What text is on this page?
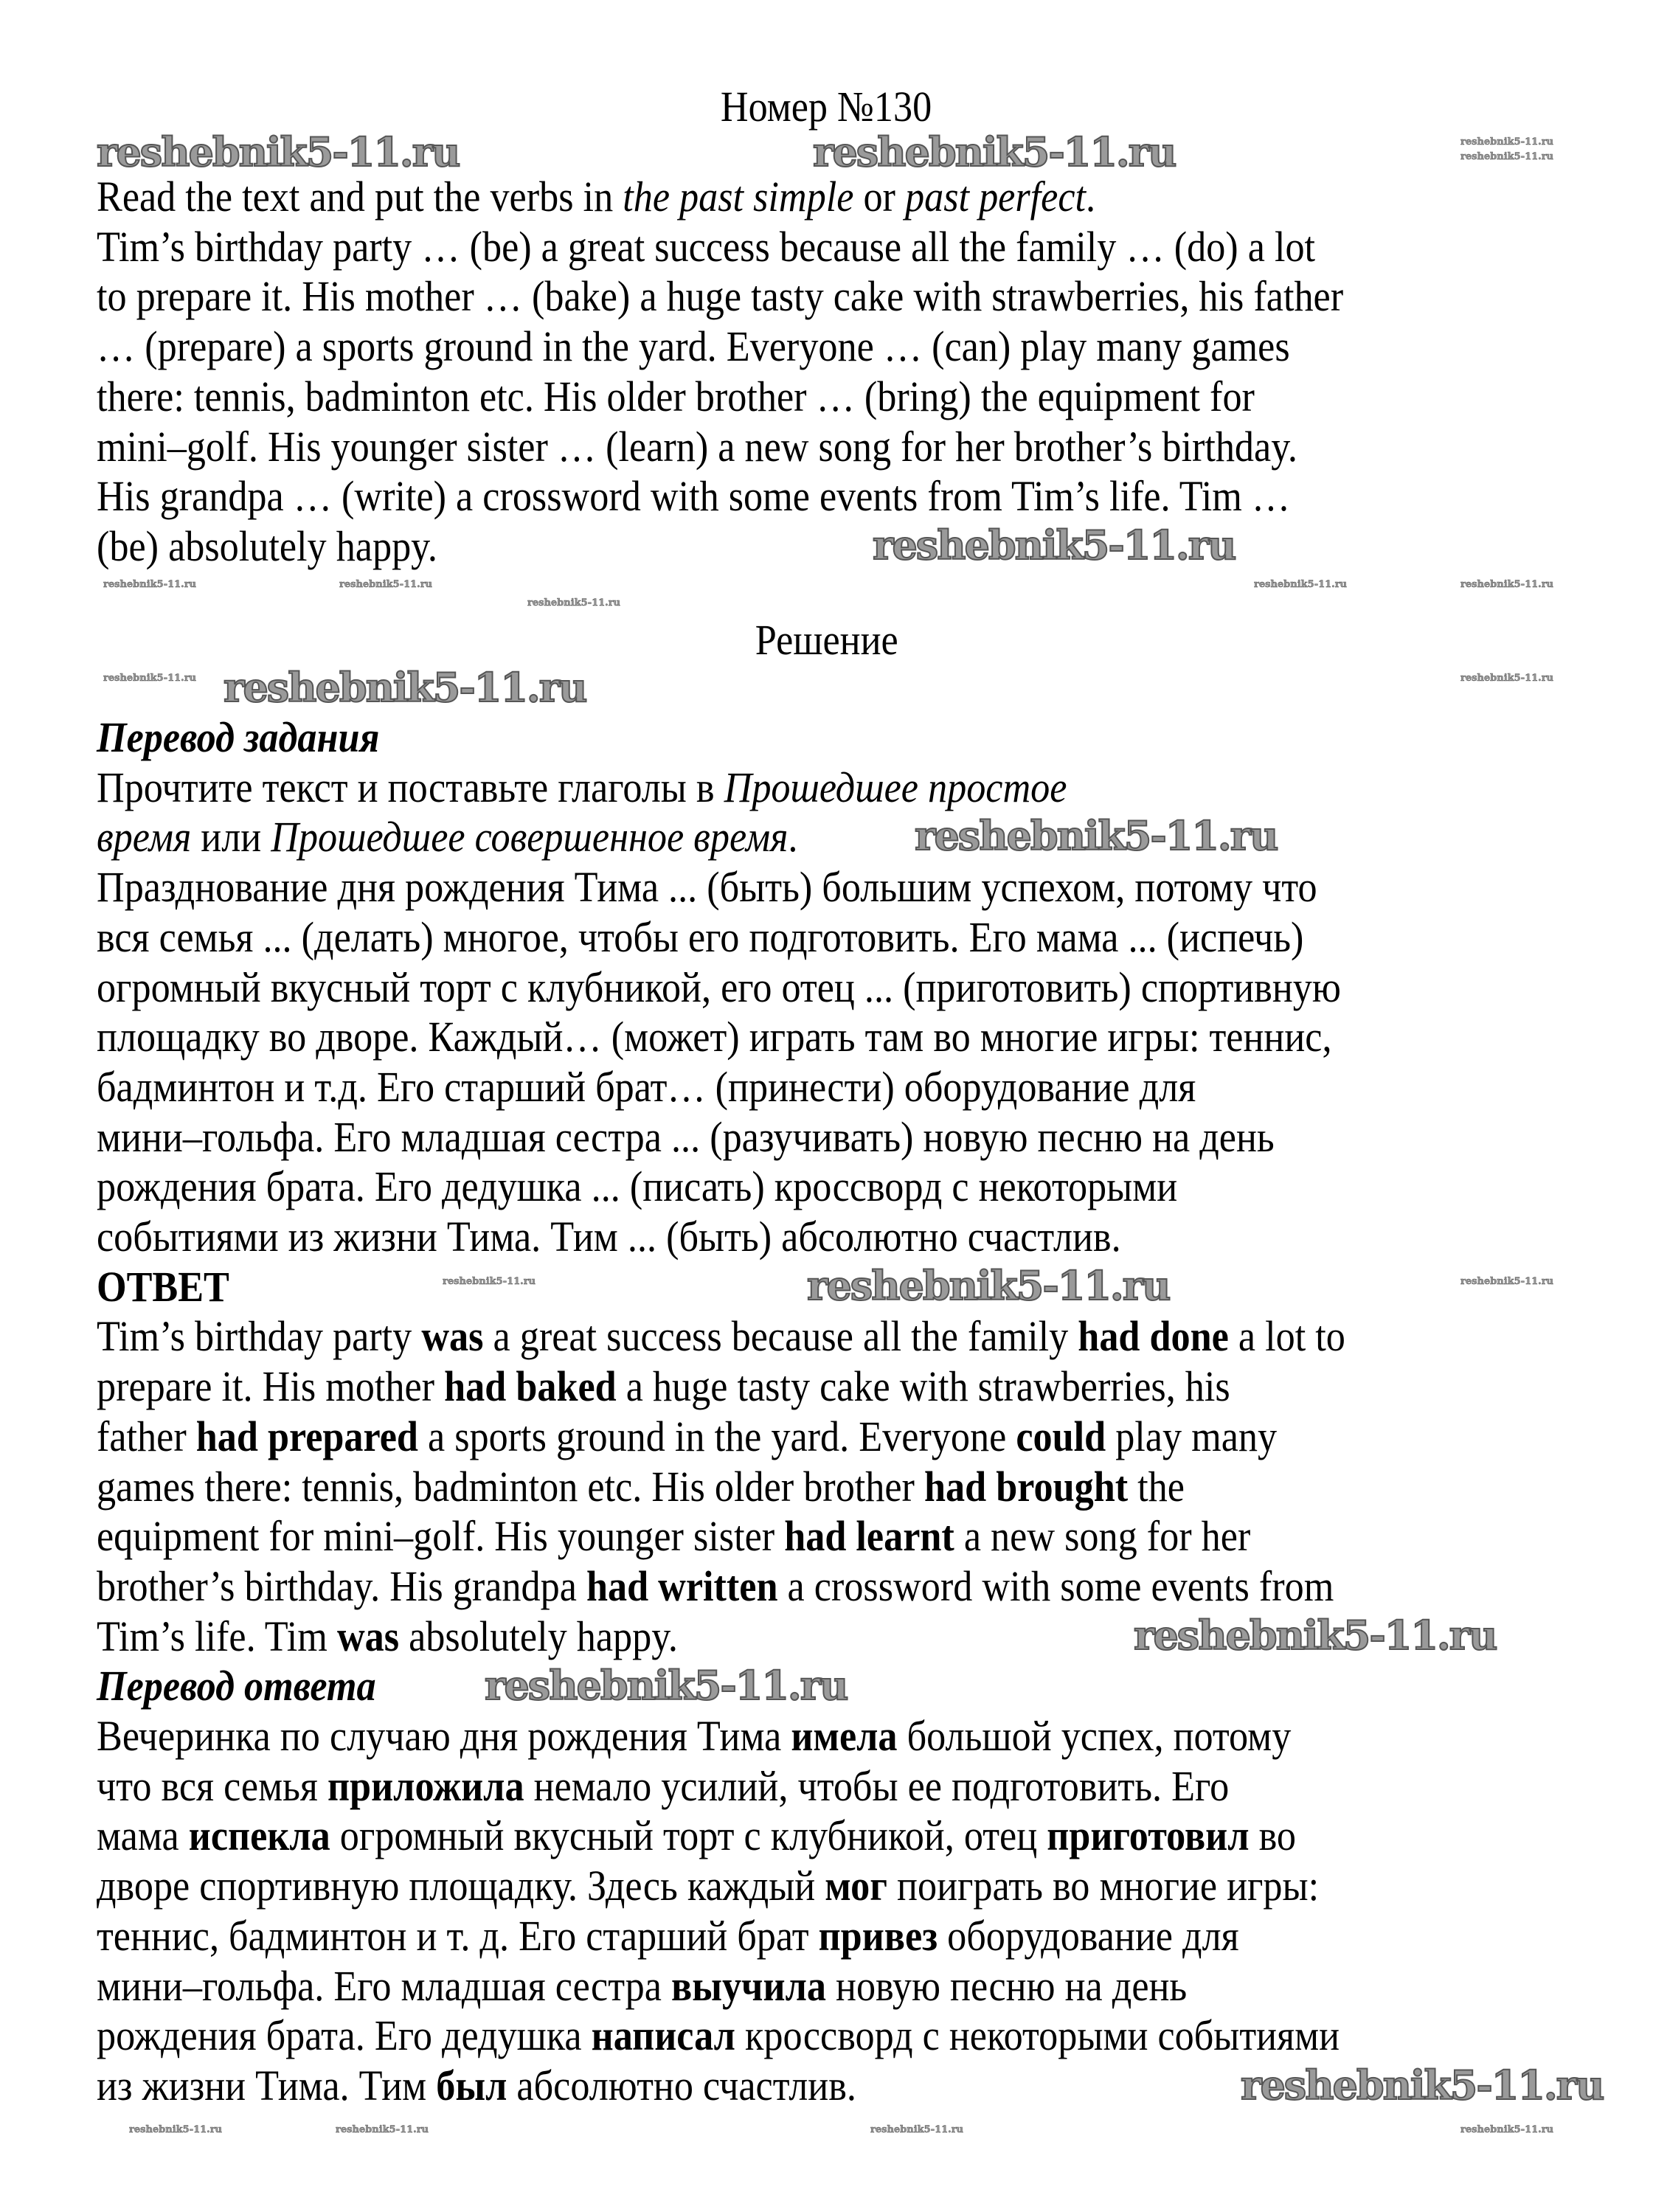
Номер №130
Решение
Read the text and put the verbs in the past simple or past perfect.
Tim’s birthday party … (be) a great success because all the family … (do) a lot
to prepare it. His mother … (bake) a huge tasty cake with strawberries, his father
… (prepare) a sports ground in the yard. Everyone … (can) play many games
there: tennis, badminton etc. His older brother … (bring) the equipment for
mini–golf. His younger sister … (learn) a new song for her brother’s birthday.
His grandpa … (write) a crossword with some events from Tim’s life. Tim …
(be) absolutely happy.
Перевод задания
Прочтите текст и поставьте глаголы в Прошедшее простое
время или Прошедшее совершенное время.
Празднование дня рождения Тима ... (быть) большим успехом, потому что
вся семья ... (делать) многое, чтобы его подготовить. Его мама ... (испечь)
огромный вкусный торт с клубникой, его отец ... (приготовить) спортивную
площадку во дворе. Каждый… (может) играть там во многие игры: теннис,
бадминтон и т.д. Его старший брат… (принести) оборудование для
мини–гольфа. Его младшая сестра ... (разучивать) новую песню на день
рождения брата. Его дедушка ... (писать) кроссворд с некоторыми
событиями из жизни Тима. Тим ... (быть) абсолютно счастлив.
ОТВЕТ
Tim’s birthday party was a great success because all the family had done a lot to
prepare it. His mother had baked a huge tasty cake with strawberries, his
father had prepared a sports ground in the yard. Everyone could play many
games there: tennis, badminton etc. His older brother had brought the
equipment for mini–golf. His younger sister had learnt a new song for her
brother’s birthday. His grandpa had written a crossword with some events from
Tim’s life. Tim was absolutely happy.
Перевод ответа
Вечеринка по случаю дня рождения Тима имела большой успех, потому
что вся семья приложила немало усилий, чтобы ее подготовить. Его
мама испекла огромный вкусный торт с клубникой, отец приготовил во
дворе спортивную площадку. Здесь каждый мог поиграть во многие игры:
теннис, бадминтон и т. д. Его старший брат привез оборудование для
мини–гольфа. Его младшая сестра выучила новую песню на день
рождения брата. Его дедушка написал кроссворд с некоторыми событиями
из жизни Тима. Тим был абсолютно счастлив.
reshebnik5-11.ru	reshebnik5-11.ru
reshebnik5-11.ru
reshebnik5-11.ru
reshebnik5-11.ru
reshebnik5-11.ru
reshebnik5-11.ru
reshebnik5-11.ru
reshebnik5-11.ru
reshebnik5-11.ru
reshebnik5-11.ru
reshebnik5-11.ru	reshebnik5-11.ru	reshebnik5-11.ru	reshebnik5-11.ru
reshebnik5-11.ru
reshebnik5-11.ru	reshebnik5-11.ru
reshebnik5-11.ru	reshebnik5-11.ru
reshebnik5-11.ru	reshebnik5-11.ru	reshebnik5-11.ru	reshebnik5-11.ru
